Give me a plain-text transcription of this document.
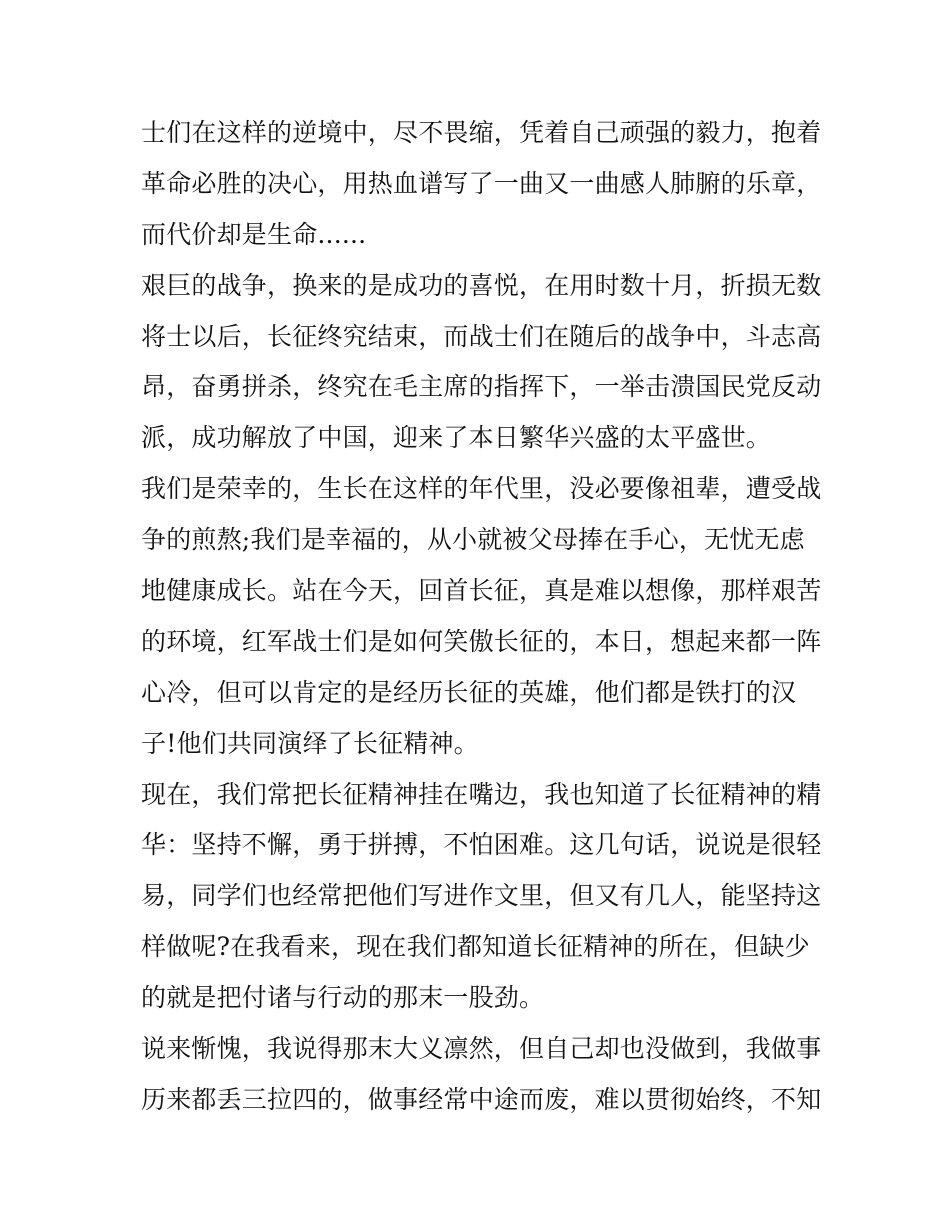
士们在这样的逆境中，尽不畏缩，凭着自己顽强的毅力，抱着
革命必胜的决心，用热血谱写了一曲又一曲感人肺腑的乐章，
而代价却是生命......
艰巨的战争，换来的是成功的喜悦，在用时数十月，折损无数
将士以后，长征终究结束，而战士们在随后的战争中，斗志高
昂，奋勇拼杀，终究在毛主席的指挥下，一举击溃国民党反动
派，成功解放了中国，迎来了本日繁华兴盛的太平盛世。
我们是荣幸的，生长在这样的年代里，没必要像祖辈，遭受战
争的煎熬;我们是幸福的，从小就被父母捧在手心，无忧无虑
地健康成长。站在今天，回首长征，真是难以想像，那样艰苦
的环境，红军战士们是如何笑傲长征的，本日，想起来都一阵
心冷，但可以肯定的是经历长征的英雄，他们都是铁打的汉
子!他们共同演绎了长征精神。
现在，我们常把长征精神挂在嘴边，我也知道了长征精神的精
华：坚持不懈，勇于拼搏，不怕困难。这几句话，说说是很轻
易，同学们也经常把他们写进作文里，但又有几人，能坚持这
样做呢?在我看来，现在我们都知道长征精神的所在，但缺少
的就是把付诸与行动的那末一股劲。
说来惭愧，我说得那末大义凛然，但自己却也没做到，我做事
历来都丢三拉四的，做事经常中途而废，难以贯彻始终，不知
